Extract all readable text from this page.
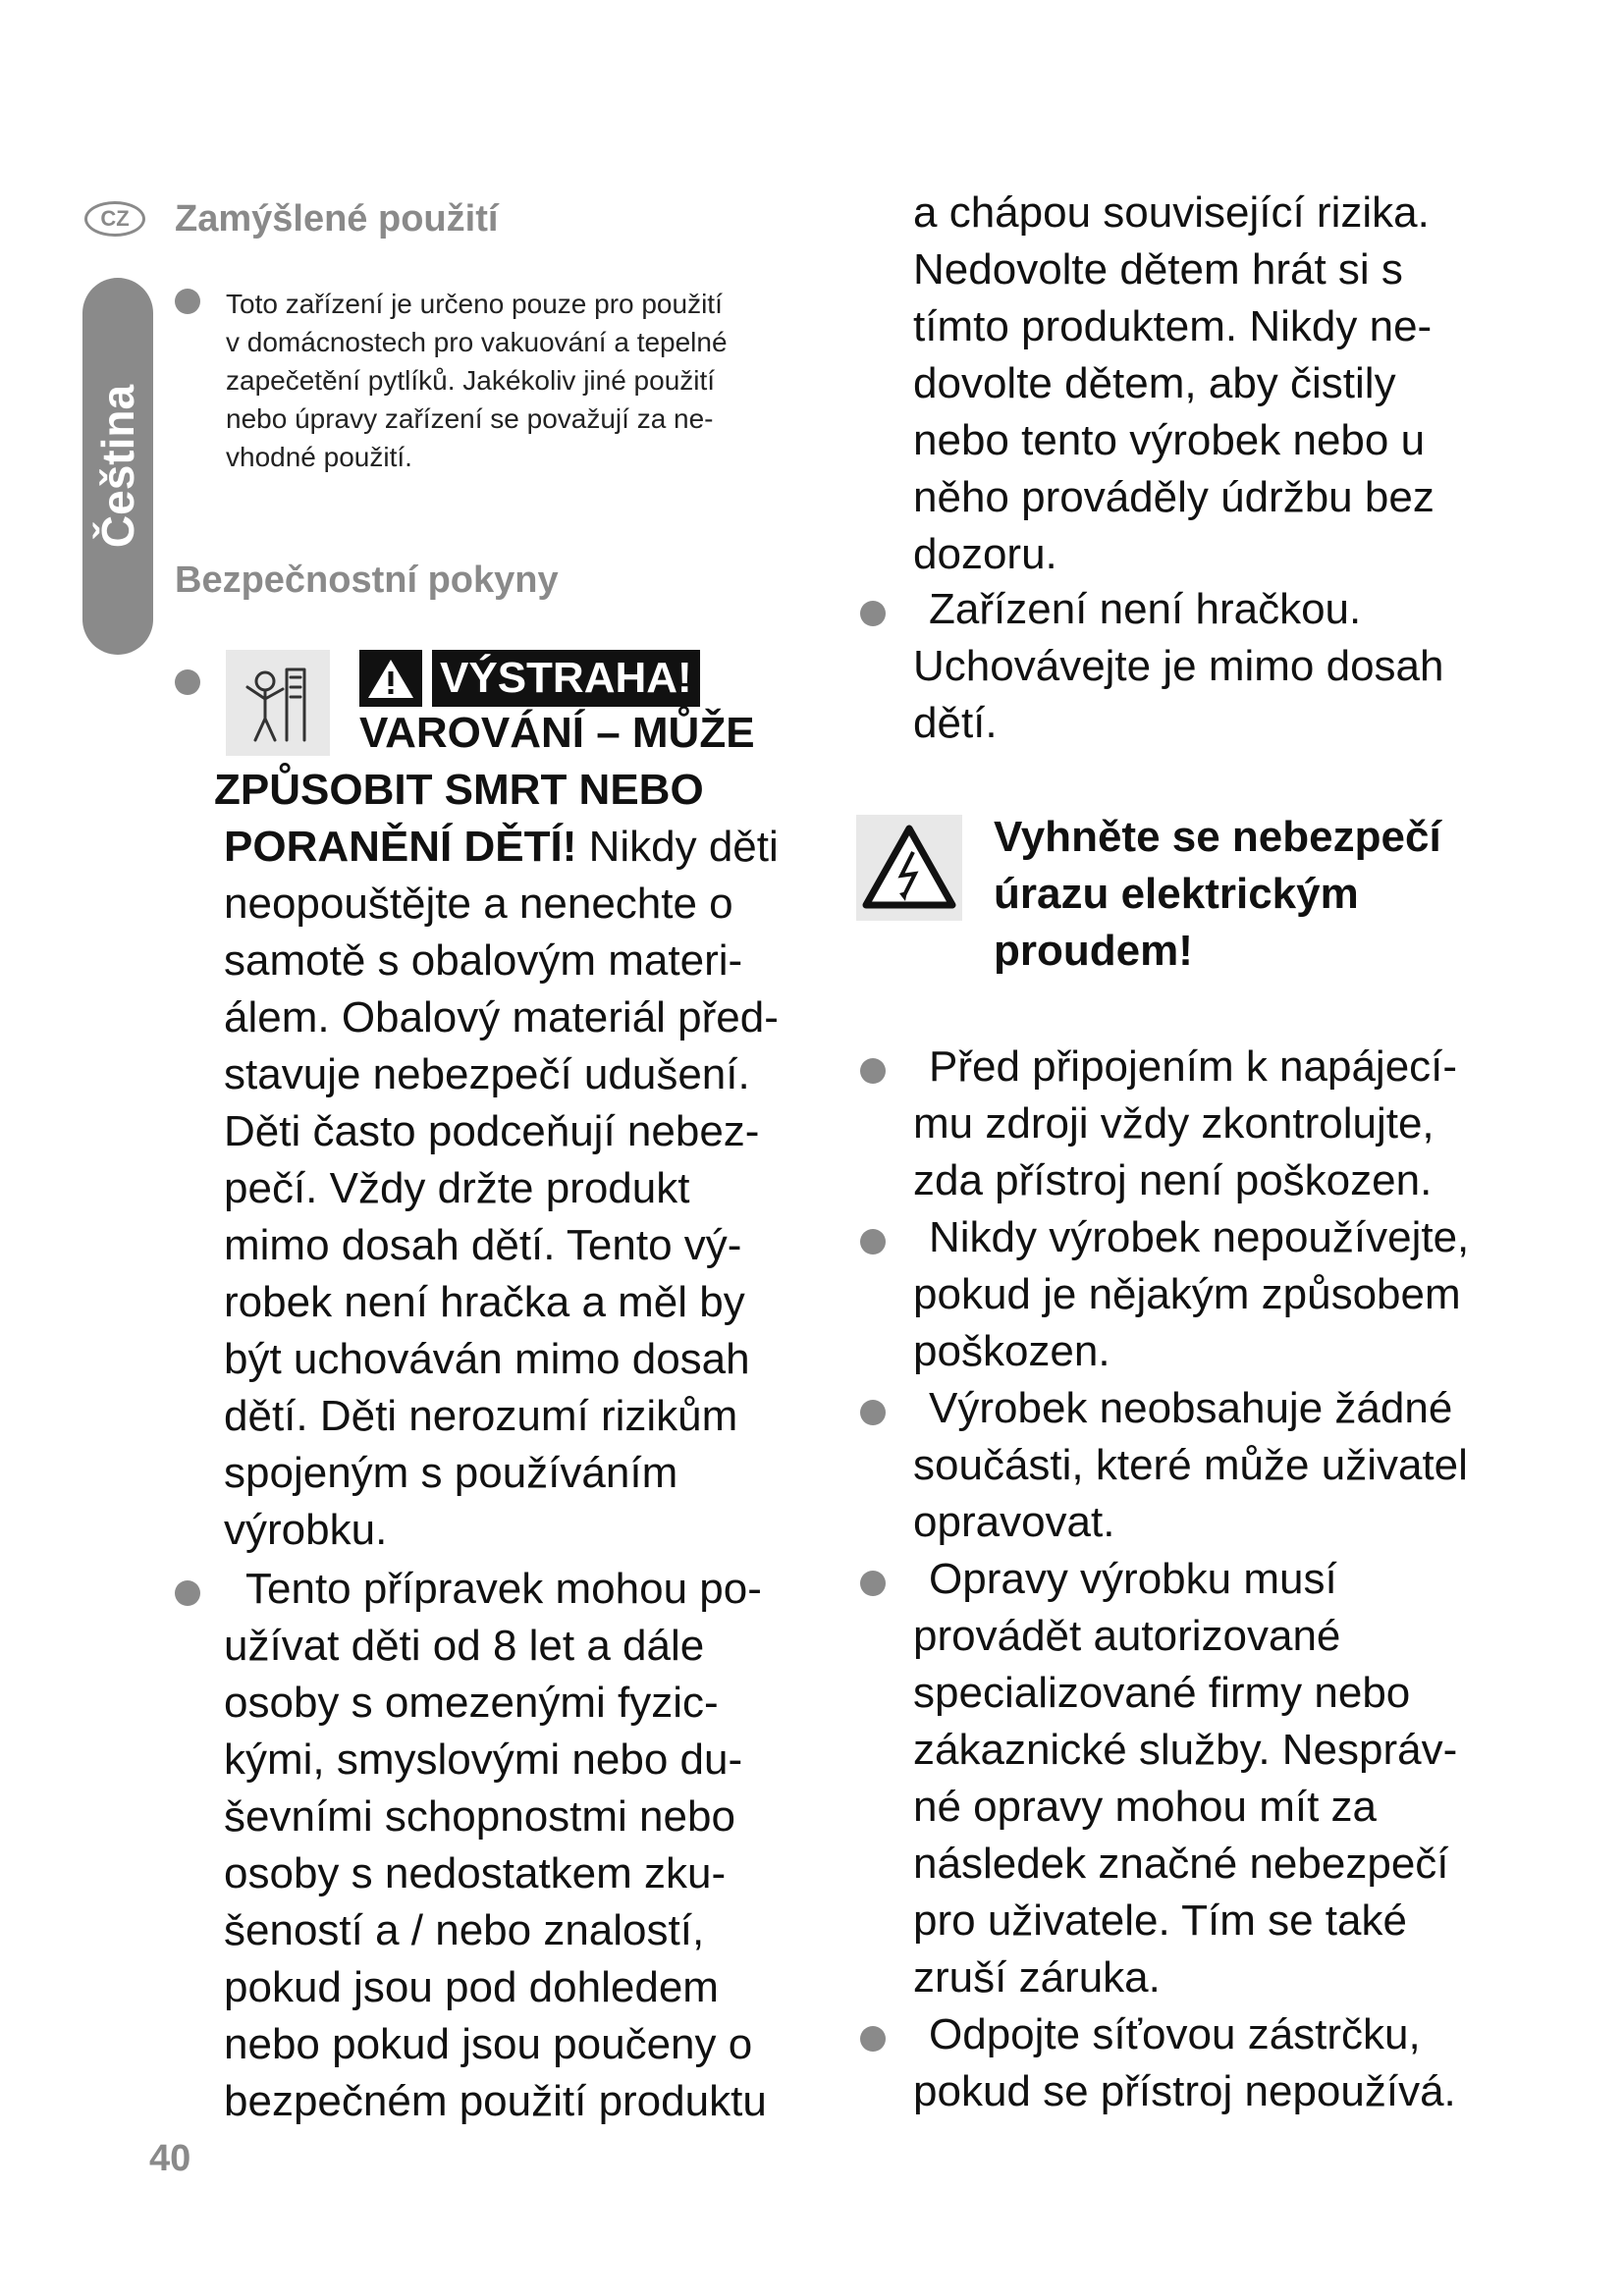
Čeština
CZ	Zamýšlené použití
Toto zařízení je určeno pouze pro použití
v domácnostech pro vakuování a tepelné
zapečetění pytlíků. Jakékoliv jiné použití
nebo úpravy zařízení se považují za ne-
vhodné použití.
Bezpečnostní pokyny
VÝSTRAHA!
VAROVÁNÍ – MŮŽE
ZPŮSOBIT SMRT NEBO
PORANĚNÍ DĚTÍ! Nikdy děti
neopouštějte a nenechte o
samotě s obalovým materi-
álem. Obalový materiál před-
stavuje nebezpečí udušení.
Děti často podceňují nebez-
pečí. Vždy držte produkt
mimo dosah dětí. Tento vý-
robek není hračka a měl by
být uchováván mimo dosah
dětí. Děti nerozumí rizikům
spojeným s používáním
výrobku.
Tento přípravek mohou po-
užívat děti od 8 let a dále
osoby s omezenými fyzic-
kými, smyslovými nebo du-
ševními schopnostmi nebo
osoby s nedostatkem zku-
šeností a / nebo znalostí,
pokud jsou pod dohledem
nebo pokud jsou poučeny o
bezpečném použití produktu
40
a chápou související rizika.
Nedovolte dětem hrát si s
tímto produktem. Nikdy ne-
dovolte dětem, aby čistily
nebo tento výrobek nebo u
něho prováděly údržbu bez
dozoru.
Zařízení není hračkou.
Uchovávejte je mimo dosah
dětí.
Vyhněte se nebezpečí
úrazu elektrickým
proudem!
Před připojením k napájecí-
mu zdroji vždy zkontrolujte,
zda přístroj není poškozen.
Nikdy výrobek nepoužívejte,
pokud je nějakým způsobem
poškozen.
Výrobek neobsahuje žádné
součásti, které může uživatel
opravovat.
Opravy výrobku musí
provádět autorizované
specializované firmy nebo
zákaznické služby. Nespráv-
né opravy mohou mít za
následek značné nebezpečí
pro uživatele. Tím se také
zruší záruka.
Odpojte síťovou zástrčku,
pokud se přístroj nepoužívá.
